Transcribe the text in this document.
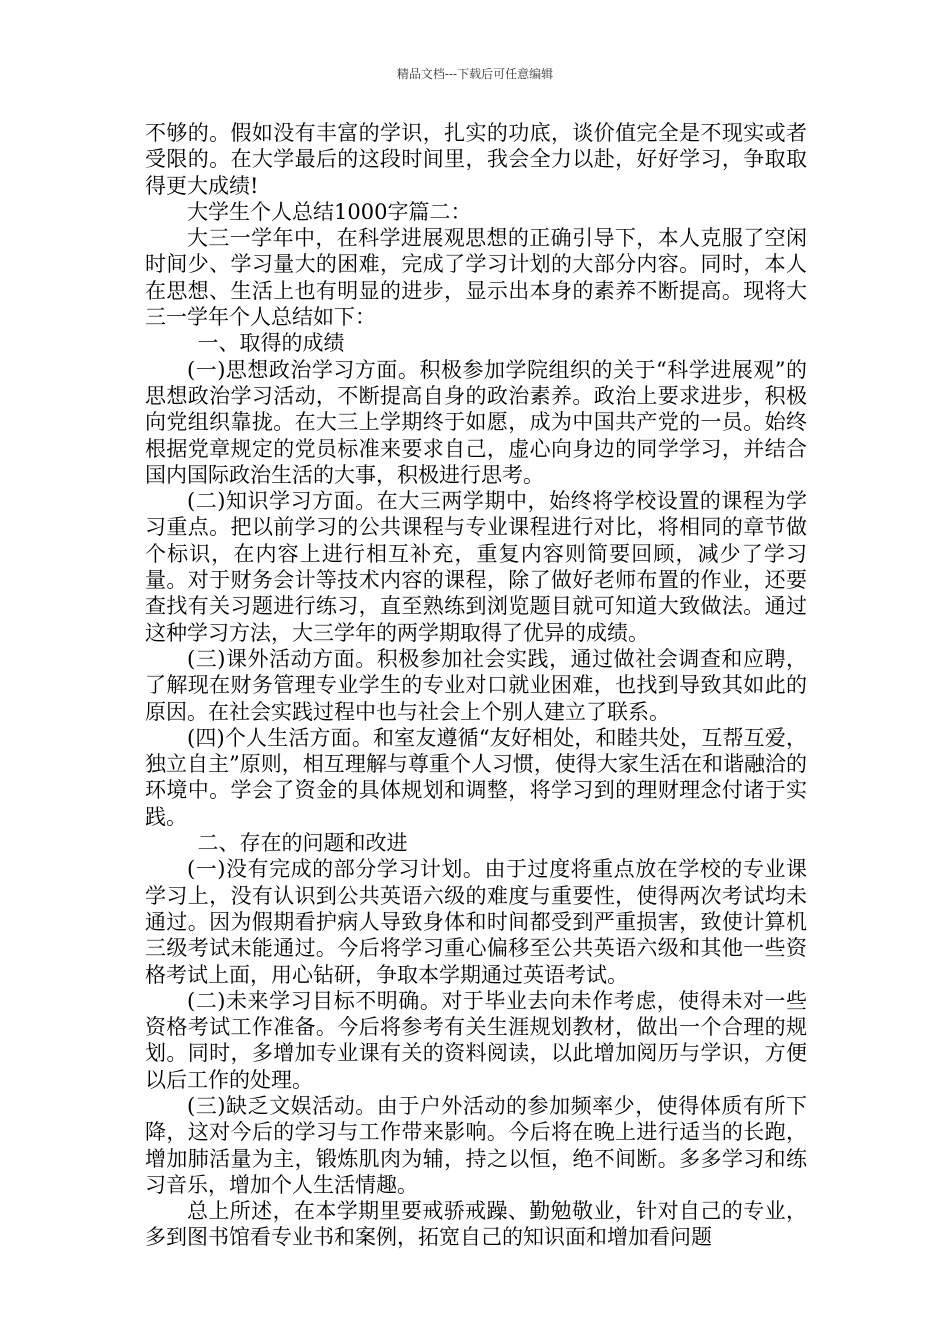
精品文档---下载后可任意编辑

不够的。假如没有丰富的学识，扎实的功底，谈价值完全是不现实或者受限的。在大学最后的这段时间里，我会全力以赴，好好学习，争取取得更大成绩!

大学生个人总结1000字篇二：

大三一学年中，在科学进展观思想的正确引导下，本人克服了空闲时间少、学习量大的困难，完成了学习计划的大部分内容。同时，本人在思想、生活上也有明显的进步，显示出本身的素养不断提高。现将大三一学年个人总结如下：

一、取得的成绩

(一)思想政治学习方面。积极参加学院组织的关于“科学进展观”的思想政治学习活动，不断提高自身的政治素养。政治上要求进步，积极向党组织靠拢。在大三上学期终于如愿，成为中国共产党的一员。始终根据党章规定的党员标准来要求自己，虚心向身边的同学学习，并结合国内国际政治生活的大事，积极进行思考。

(二)知识学习方面。在大三两学期中，始终将学校设置的课程为学习重点。把以前学习的公共课程与专业课程进行对比，将相同的章节做个标识，在内容上进行相互补充，重复内容则简要回顾，减少了学习量。对于财务会计等技术内容的课程，除了做好老师布置的作业，还要查找有关习题进行练习，直至熟练到浏览题目就可知道大致做法。通过这种学习方法，大三学年的两学期取得了优异的成绩。

(三)课外活动方面。积极参加社会实践，通过做社会调查和应聘，了解现在财务管理专业学生的专业对口就业困难，也找到导致其如此的原因。在社会实践过程中也与社会上个别人建立了联系。

(四)个人生活方面。和室友遵循“友好相处，和睦共处，互帮互爱，独立自主”原则，相互理解与尊重个人习惯，使得大家生活在和谐融洽的环境中。学会了资金的具体规划和调整，将学习到的理财理念付诸于实践。

二、存在的问题和改进

(一)没有完成的部分学习计划。由于过度将重点放在学校的专业课学习上，没有认识到公共英语六级的难度与重要性，使得两次考试均未通过。因为假期看护病人导致身体和时间都受到严重损害，致使计算机三级考试未能通过。今后将学习重心偏移至公共英语六级和其他一些资格考试上面，用心钻研，争取本学期通过英语考试。

(二)未来学习目标不明确。对于毕业去向未作考虑，使得未对一些资格考试工作准备。今后将参考有关生涯规划教材，做出一个合理的规划。同时，多增加专业课有关的资料阅读，以此增加阅历与学识，方便以后工作的处理。

(三)缺乏文娱活动。由于户外活动的参加频率少，使得体质有所下降，这对今后的学习与工作带来影响。今后将在晚上进行适当的长跑，增加肺活量为主，锻炼肌肉为辅，持之以恒，绝不间断。多多学习和练习音乐，增加个人生活情趣。

总上所述，在本学期里要戒骄戒躁、勤勉敬业，针对自己的专业，多到图书馆看专业书和案例，拓宽自己的知识面和增加看问题
